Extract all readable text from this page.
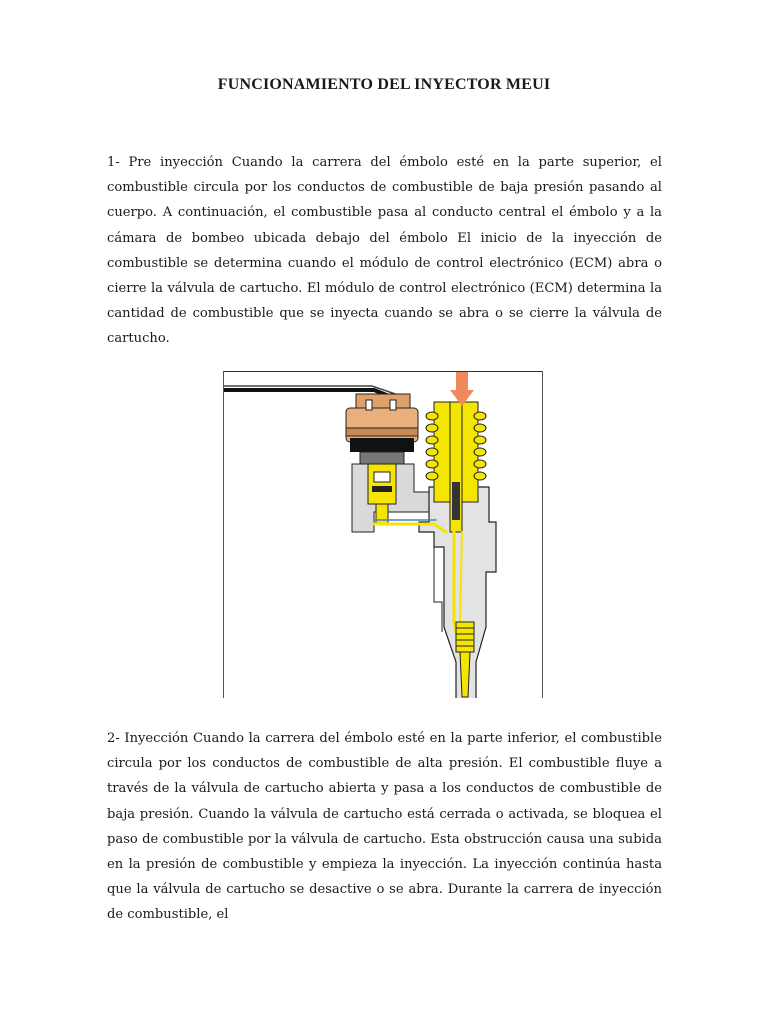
FUNCIONAMIENTO DEL INYECTOR MEUI
1- Pre inyección Cuando la carrera del émbolo esté en la parte superior, el combustible circula por los conductos de combustible de baja presión pasando al cuerpo. A continuación, el combustible pasa al conducto central el émbolo y a la cámara de bombeo ubicada debajo del émbolo El inicio de la inyección de combustible se determina cuando el módulo de control electrónico (ECM) abra o cierre la válvula de cartucho. El módulo de control electrónico (ECM) determina la cantidad de combustible que se inyecta cuando se abra o se cierre la válvula de cartucho.
2- Inyección Cuando la carrera del émbolo esté en la parte inferior, el combustible circula por los conductos de combustible de alta presión. El combustible fluye a través de la válvula de cartucho abierta y pasa a los conductos de combustible de baja presión. Cuando la válvula de cartucho está cerrada o activada, se bloquea el paso de combustible por la válvula de cartucho. Esta obstrucción causa una subida en la presión de combustible y empieza la inyección. La inyección continúa hasta que la válvula de cartucho se desactive o se abra. Durante la carrera de inyección de combustible, el
